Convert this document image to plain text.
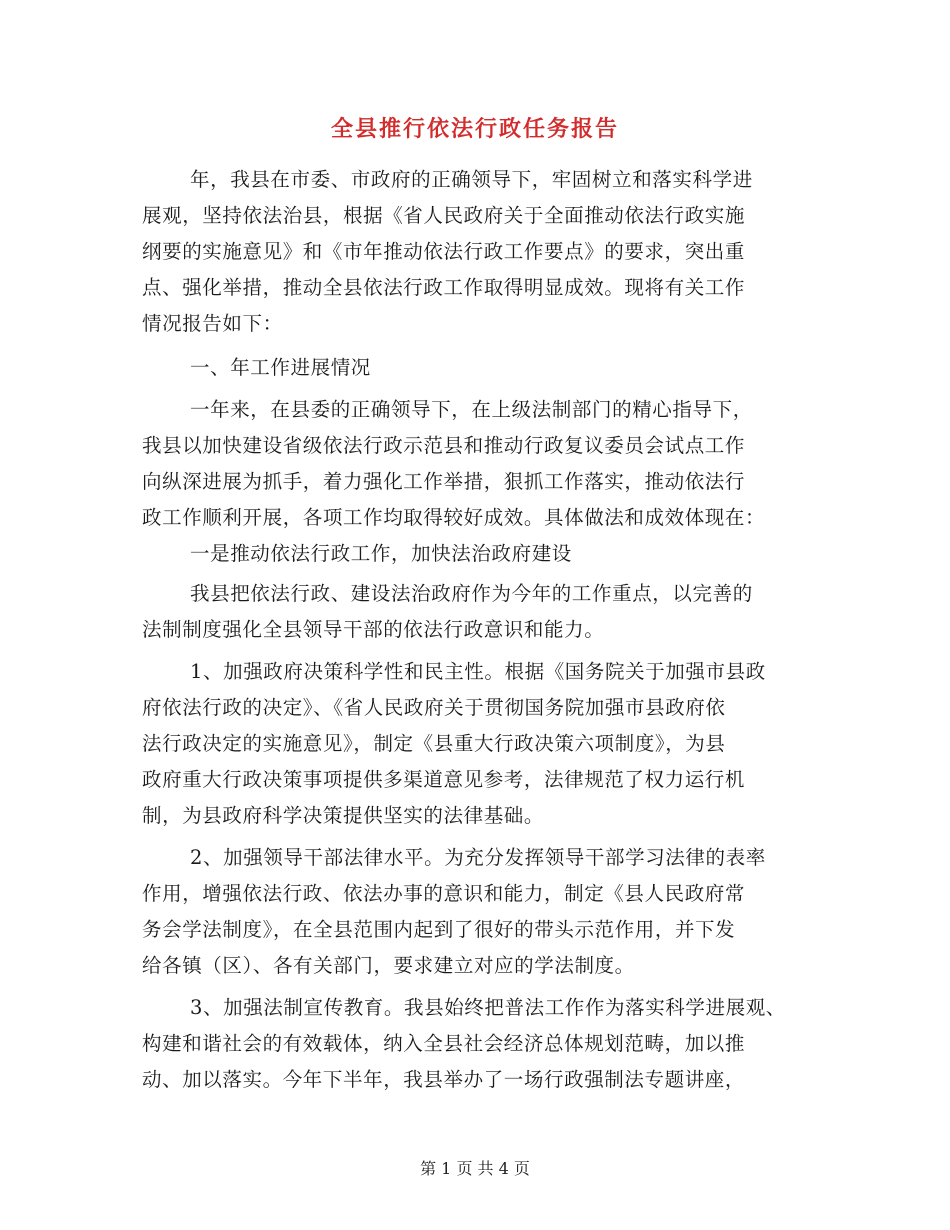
全县推行依法行政任务报告
年，我县在市委、市政府的正确领导下，牢固树立和落实科学进
展观，坚持依法治县，根据《省人民政府关于全面推动依法行政实施
纲要的实施意见》和《市年推动依法行政工作要点》的要求，突出重
点、强化举措，推动全县依法行政工作取得明显成效。现将有关工作
情况报告如下：
一、年工作进展情况
一年来，在县委的正确领导下，在上级法制部门的精心指导下，
我县以加快建设省级依法行政示范县和推动行政复议委员会试点工作
向纵深进展为抓手，着力强化工作举措，狠抓工作落实，推动依法行
政工作顺利开展，各项工作均取得较好成效。具体做法和成效体现在：
一是推动依法行政工作，加快法治政府建设
我县把依法行政、建设法治政府作为今年的工作重点，以完善的
法制制度强化全县领导干部的依法行政意识和能力。
1、加强政府决策科学性和民主性。根据《国务院关于加强市县政
府依法行政的决定》、《省人民政府关于贯彻国务院加强市县政府依
法行政决定的实施意见》，制定《县重大行政决策六项制度》，为县
政府重大行政决策事项提供多渠道意见参考，法律规范了权力运行机
制，为县政府科学决策提供坚实的法律基础。
2、加强领导干部法律水平。为充分发挥领导干部学习法律的表率
作用，增强依法行政、依法办事的意识和能力，制定《县人民政府常
务会学法制度》，在全县范围内起到了很好的带头示范作用，并下发
给各镇（区）、各有关部门，要求建立对应的学法制度。
3、加强法制宣传教育。我县始终把普法工作作为落实科学进展观、
构建和谐社会的有效载体，纳入全县社会经济总体规划范畴，加以推
动、加以落实。今年下半年，我县举办了一场行政强制法专题讲座，
第 1 页 共 4 页
